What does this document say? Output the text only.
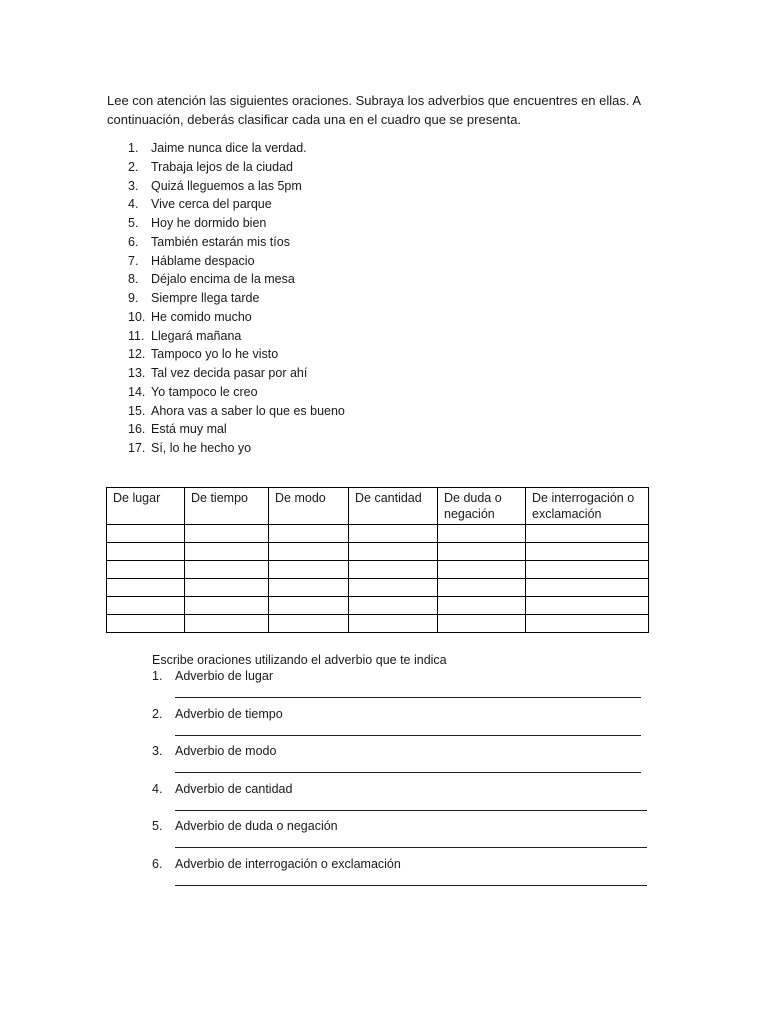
Lee con atención las siguientes oraciones. Subraya los adverbios que encuentres en ellas. A continuación, deberás clasificar cada una en el cuadro que se presenta.

1.	Jaime nunca dice la verdad.
2.	Trabaja lejos de la ciudad
3.	Quizá lleguemos a las 5pm
4.	Vive cerca del parque
5.	Hoy he dormido bien
6.	También estarán mis tíos
7.	Háblame despacio
8.	Déjalo encima de la mesa
9.	Siempre llega tarde
10. He comido mucho
11. Llegará mañana
12. Tampoco yo lo he visto
13. Tal vez decida pasar por ahí
14. Yo tampoco le creo
15. Ahora vas a saber lo que es bueno
16. Está muy mal
17. Sí, lo he hecho yo
De lugar	De tiempo	De modo	De cantidad	De duda o negación	De interrogación o exclamación

Escribe oraciones utilizando el adverbio que te indica

1. Adverbio de lugar
2. Adverbio de tiempo
3. Adverbio de modo
4. Adverbio de cantidad
5. Adverbio de duda o negación
6. Adverbio de interrogación o exclamación
